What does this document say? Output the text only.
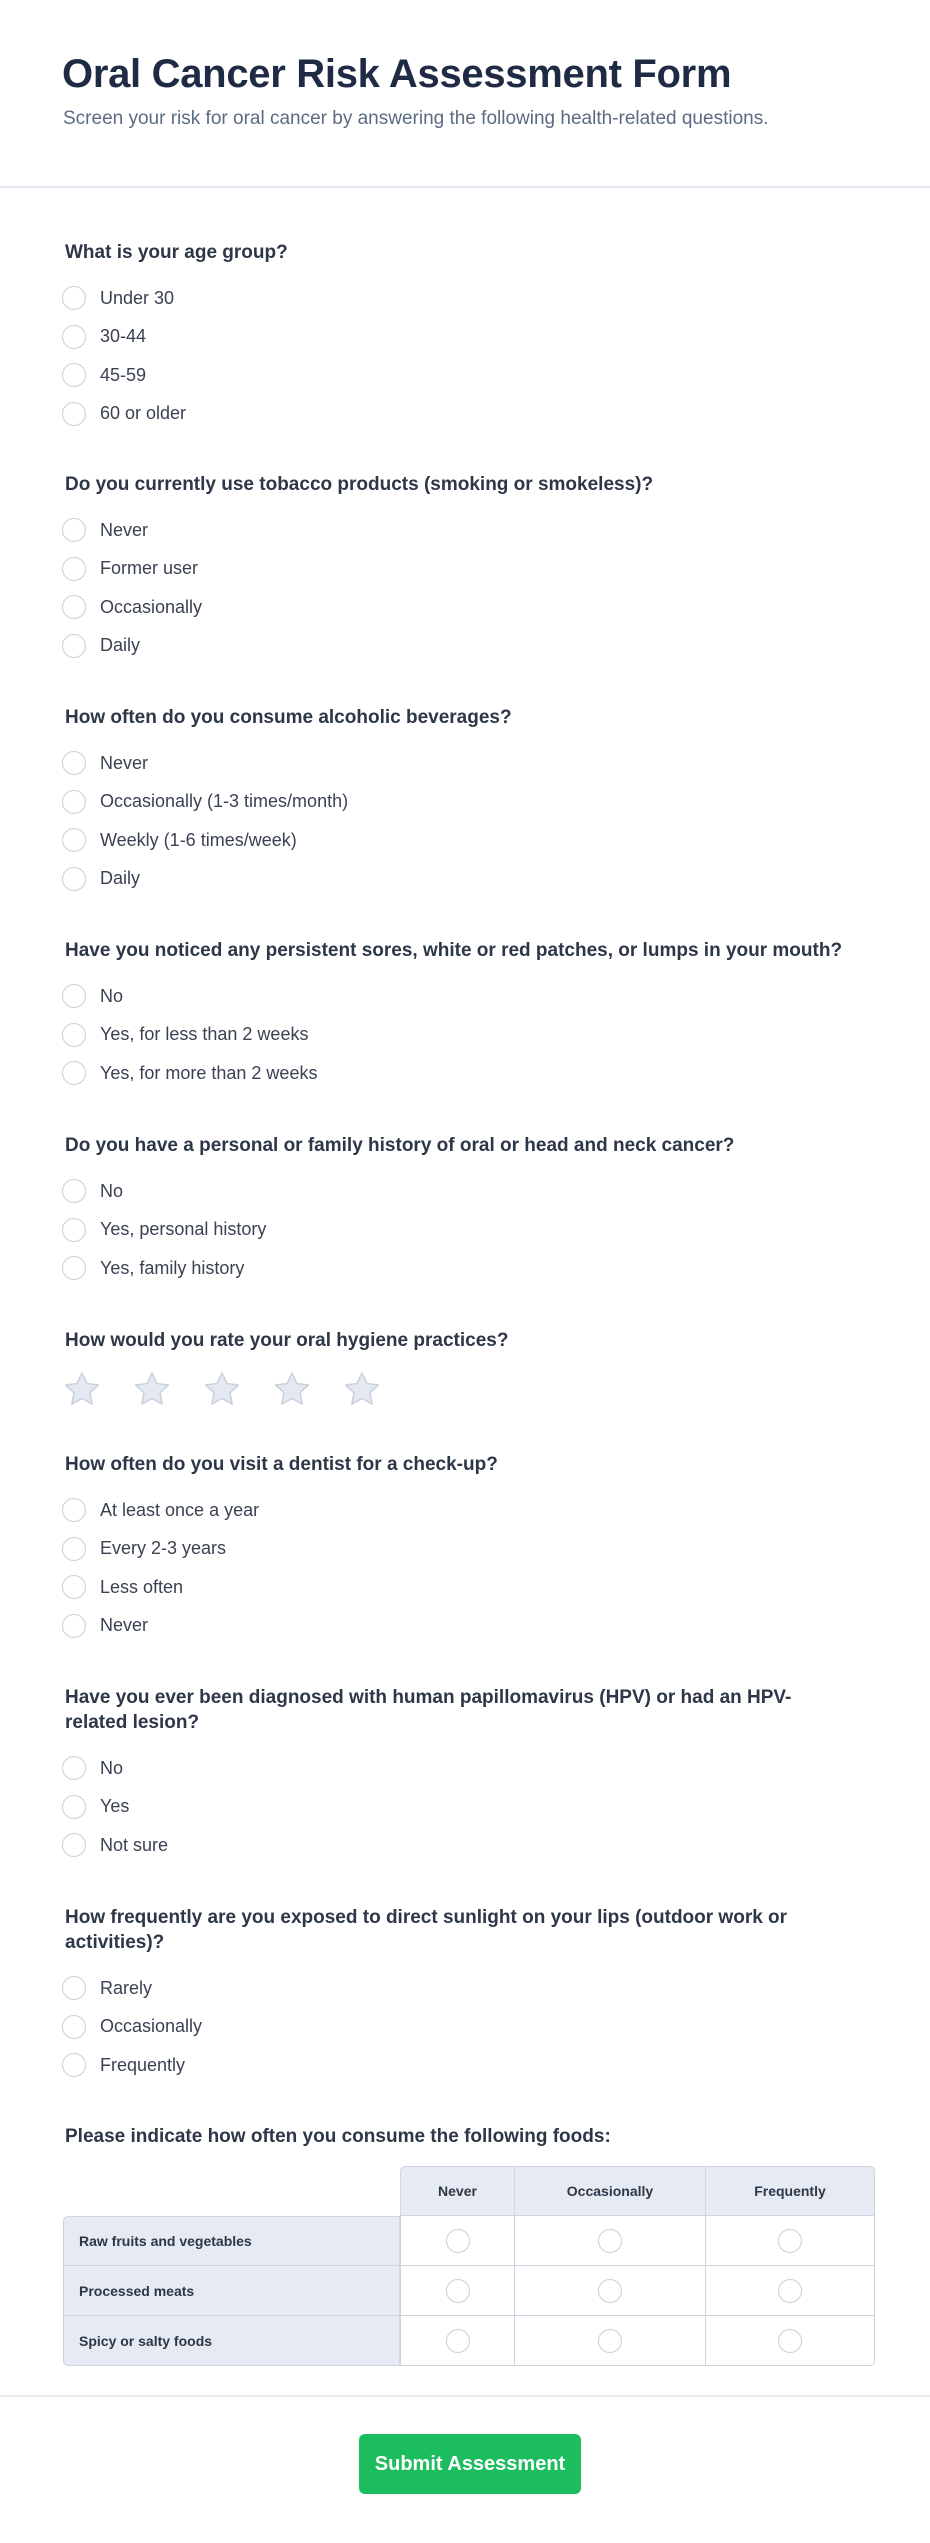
Oral Cancer Risk Assessment Form

Screen your risk for oral cancer by answering the following health-related questions.

What is your age group?
Under 30
30-44
45-59
60 or older
Do you currently use tobacco products (smoking or smokeless)?
Never
Former user
Occasionally
Daily
How often do you consume alcoholic beverages?
Never
Occasionally (1-3 times/month)
Weekly (1-6 times/week)
Daily
Have you noticed any persistent sores, white or red patches, or lumps in your mouth?
No
Yes, for less than 2 weeks
Yes, for more than 2 weeks
Do you have a personal or family history of oral or head and neck cancer?
No
Yes, personal history
Yes, family history
How would you rate your oral hygiene practices?
How often do you visit a dentist for a check-up?
At least once a year
Every 2-3 years
Less often
Never
Have you ever been diagnosed with human papillomavirus (HPV) or had an HPV-related lesion?
No
Yes
Not sure
How frequently are you exposed to direct sunlight on your lips (outdoor work or activities)?
Rarely
Occasionally
Frequently
Please indicate how often you consume the following foods:
Never	Occasionally	Frequently
Raw fruits and vegetables
Processed meats
Spicy or salty foods
Submit Assessment
